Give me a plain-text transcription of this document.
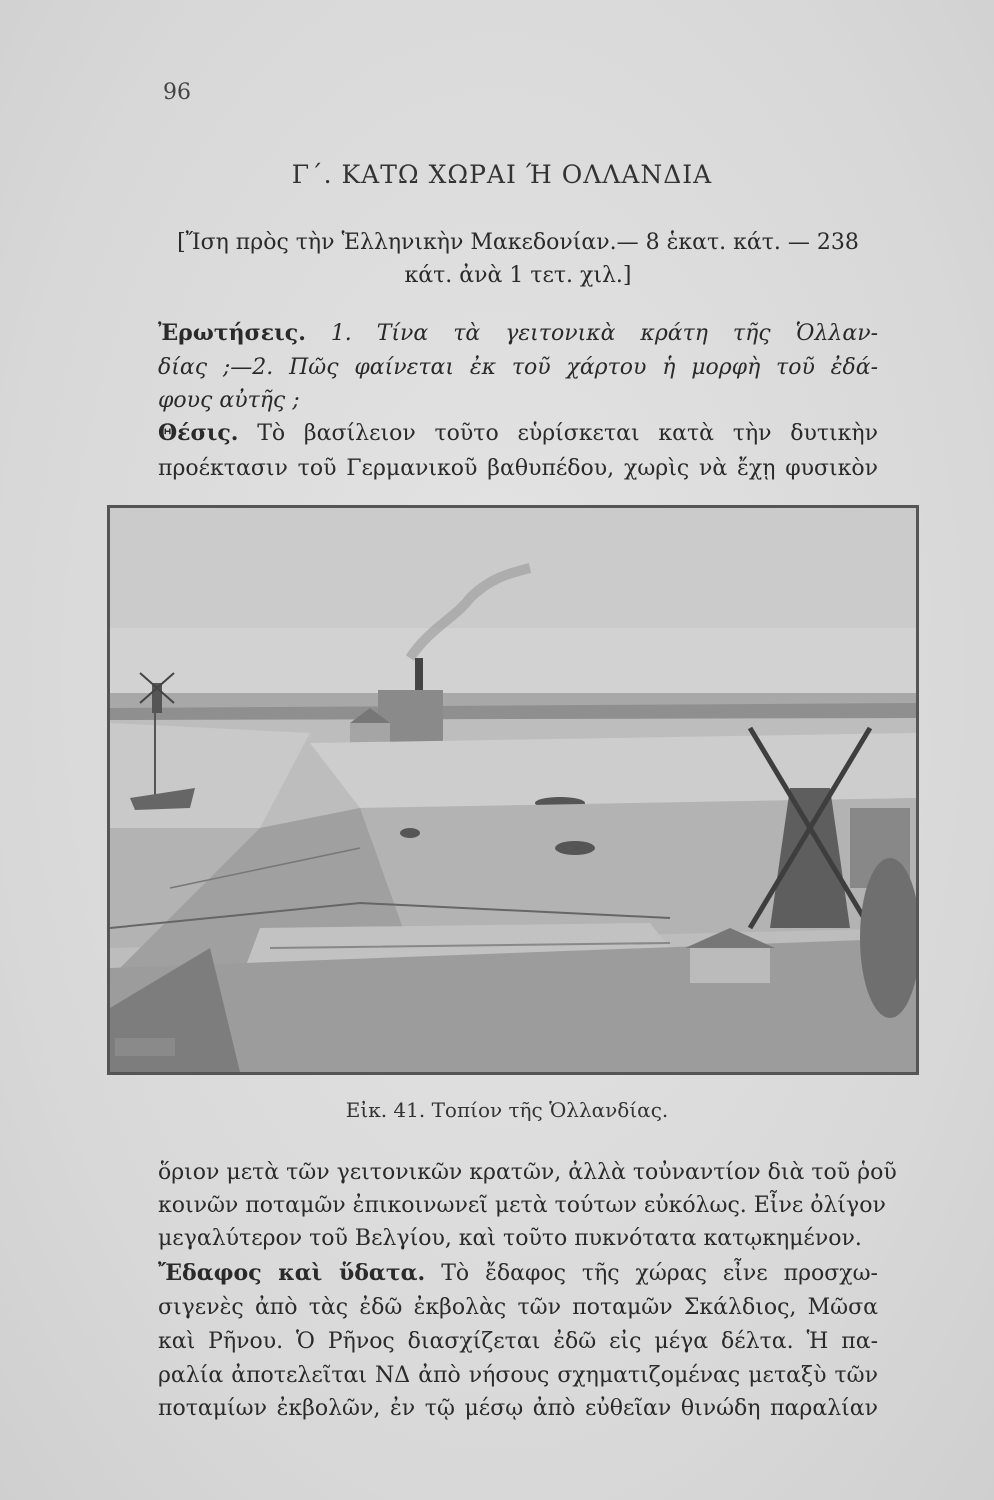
96
Γ΄. ΚΑΤΩ ΧΩΡΑΙ Ή ΟΛΛΑΝΔΙΑ
[Ἴση πρὸς τὴν Ἑλληνικὴν Μακεδονίαν.— 8 ἑκατ. κάτ. — 238
κάτ. ἀνὰ 1 τετ. χιλ.]
Ἐρωτήσεις. 1. Τίνα τὰ γειτονικὰ κράτη τῆς Ὁλλαν-
δίας ;—2. Πῶς φαίνεται ἐκ τοῦ χάρτου ἡ μορφὴ τοῦ ἐδά-
φους αὐτῆς ;
Θέσις. Τὸ βασίλειον τοῦτο εὑρίσκεται κατὰ τὴν δυτικὴν
προέκτασιν τοῦ Γερμανικοῦ βαθυπέδου, χωρὶς νὰ ἔχῃ φυσικὸν
Εἰκ. 41. Τοπίον τῆς Ὁλλανδίας.
ὅριον μετὰ τῶν γειτονικῶν κρατῶν, ἀλλὰ τοὐναντίον διὰ τοῦ ῥοῦ
κοινῶν ποταμῶν ἐπικοινωνεῖ μετὰ τούτων εὐκόλως. Εἶνε ὀλίγον
μεγαλύτερον τοῦ Βελγίου, καὶ τοῦτο πυκνότατα κατῳκημένον.
Ἔδαφος καὶ ὕδατα. Τὸ ἔδαφος τῆς χώρας εἶνε προσχω-
σιγενὲς ἀπὸ τὰς ἐδῶ ἐκβολὰς τῶν ποταμῶν Σκάλδιος, Μῶσα
καὶ Ρῆνου. Ὁ Ρῆνος διασχίζεται ἐδῶ εἰς μέγα δέλτα. Ἡ πα-
ραλία ἀποτελεῖται ΝΔ ἀπὸ νήσους σχηματιζομένας μεταξὺ τῶν
ποταμίων ἐκβολῶν, ἐν τῷ μέσῳ ἀπὸ εὐθεῖαν θινώδη παραλίαν
